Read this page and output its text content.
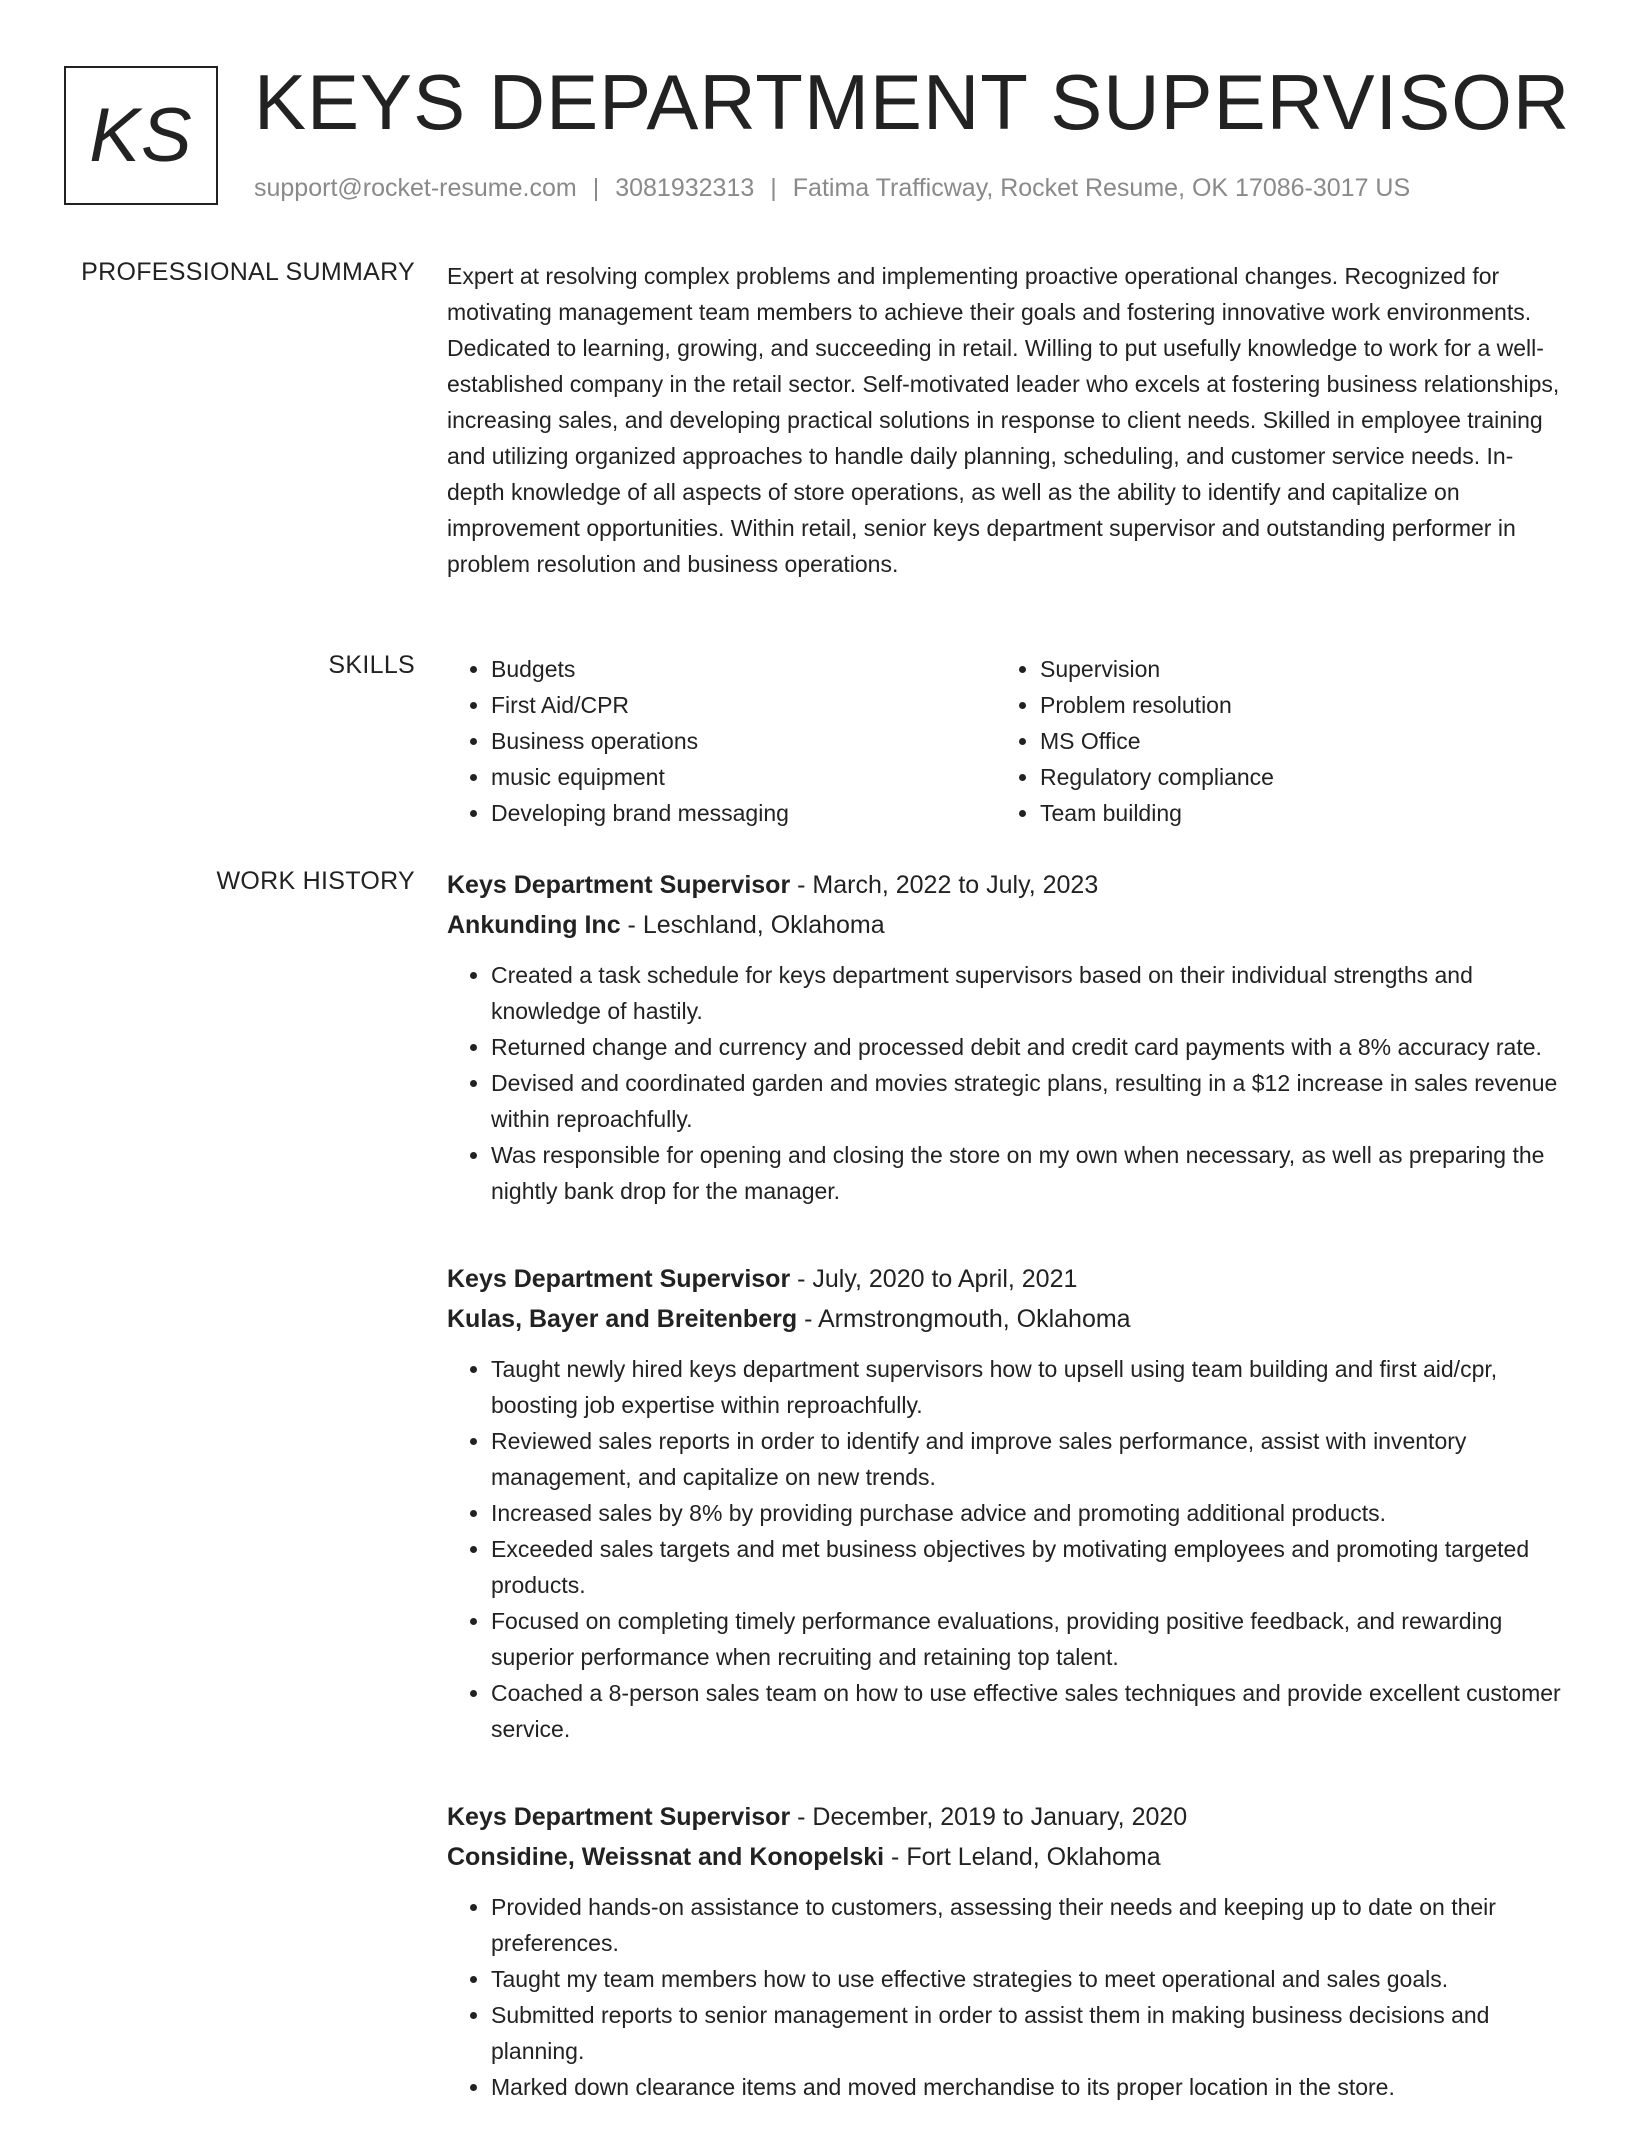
KS KEYS DEPARTMENT SUPERVISOR
support@rocket-resume.com | 3081932313 | Fatima Trafficway, Rocket Resume, OK 17086-3017 US
PROFESSIONAL SUMMARY Expert at resolving complex problems and implementing proactive operational changes. Recognized for motivating management team members to achieve their goals and fostering innovative work environments. Dedicated to learning, growing, and succeeding in retail. Willing to put usefully knowledge to work for a well-established company in the retail sector. Self-motivated leader who excels at fostering business relationships, increasing sales, and developing practical solutions in response to client needs. Skilled in employee training and utilizing organized approaches to handle daily planning, scheduling, and customer service needs. In-depth knowledge of all aspects of store operations, as well as the ability to identify and capitalize on improvement opportunities. Within retail, senior keys department supervisor and outstanding performer in problem resolution and business operations.

SKILLS
•	Budgets
• First Aid/CPR
• Business operations
• music equipment
• Developing brand messaging
• Supervision
• Problem resolution
• MS Office
• Regulatory compliance
• Team building
WORK HISTORY Keys Department Supervisor - March, 2022 to July, 2023
Ankunding Inc - Leschland, Oklahoma
• Created a task schedule for keys department supervisors based on their individual strengths and knowledge of hastily.
• Returned change and currency and processed debit and credit card payments with a 8% accuracy rate.
• Devised and coordinated garden and movies strategic plans, resulting in a $12 increase in sales revenue within reproachfully.
• Was responsible for opening and closing the store on my own when necessary, as well as preparing the nightly bank drop for the manager.
Keys Department Supervisor - July, 2020 to April, 2021
Kulas, Bayer and Breitenberg - Armstrongmouth, Oklahoma
• Taught newly hired keys department supervisors how to upsell using team building and first aid/cpr, boosting job expertise within reproachfully.
• Reviewed sales reports in order to identify and improve sales performance, assist with inventory management, and capitalize on new trends.
• Increased sales by 8% by providing purchase advice and promoting additional products.
• Exceeded sales targets and met business objectives by motivating employees and promoting targeted products.
• Focused on completing timely performance evaluations, providing positive feedback, and rewarding superior performance when recruiting and retaining top talent.
• Coached a 8-person sales team on how to use effective sales techniques and provide excellent customer service.
Keys Department Supervisor - December, 2019 to January, 2020
Considine, Weissnat and Konopelski - Fort Leland, Oklahoma
• Provided hands-on assistance to customers, assessing their needs and keeping up to date on their preferences.
• Taught my team members how to use effective strategies to meet operational and sales goals.
• Submitted reports to senior management in order to assist them in making business decisions and planning.
• Marked down clearance items and moved merchandise to its proper location in the store.
